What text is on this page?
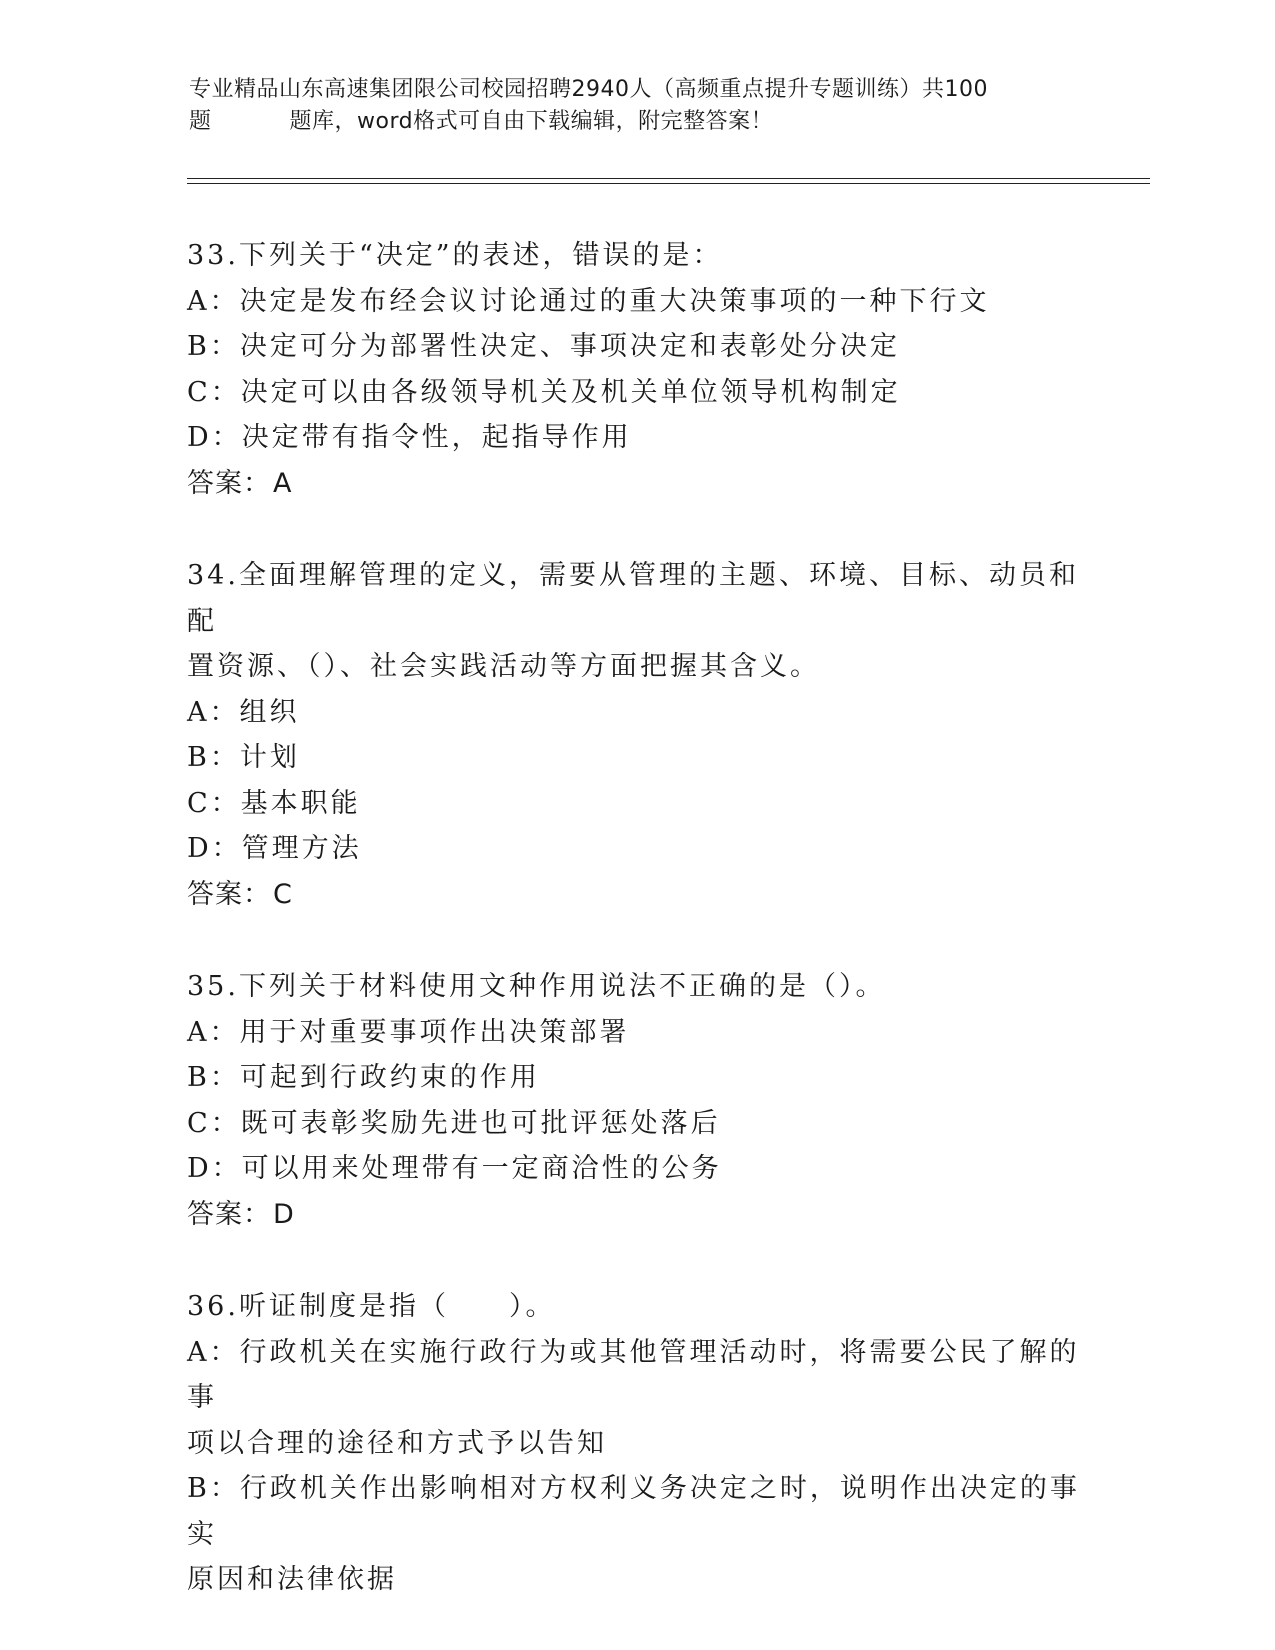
专业精品山东高速集团限公司校园招聘2940人（高频重点提升专题训练）共100
题	题库，word格式可自由下载编辑，附完整答案！
33.下列关于“决定”的表述，错误的是：
A：决定是发布经会议讨论通过的重大决策事项的一种下行文
B：决定可分为部署性决定、事项决定和表彰处分决定
C：决定可以由各级领导机关及机关单位领导机构制定
D：决定带有指令性，起指导作用
答案：A
34.全面理解管理的定义，需要从管理的主题、环境、目标、动员和配
置资源、（）、社会实践活动等方面把握其含义。
A：组织
B：计划
C：基本职能
D：管理方法
答案：C
35.下列关于材料使用文种作用说法不正确的是（）。
A：用于对重要事项作出决策部署
B：可起到行政约束的作用
C：既可表彰奖励先进也可批评惩处落后
D：可以用来处理带有一定商洽性的公务
答案：D
36.听证制度是指（　　）。
A：行政机关在实施行政行为或其他管理活动时，将需要公民了解的事
项以合理的途径和方式予以告知
B：行政机关作出影响相对方权利义务决定之时，说明作出决定的事实
原因和法律依据
